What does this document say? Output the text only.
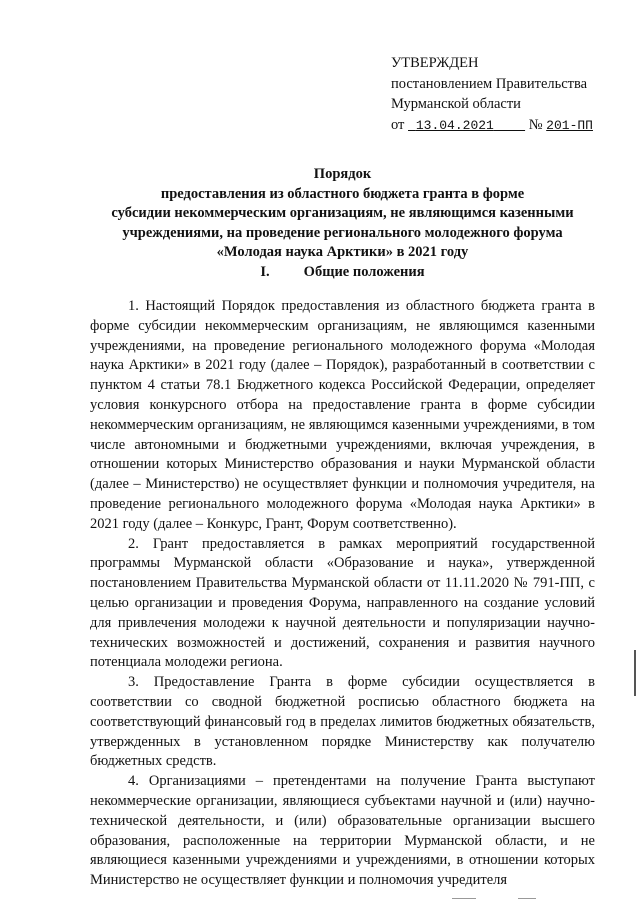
УТВЕРЖДЕН
постановлением Правительства
Мурманской области
от 13.04.2021 № 201-ПП
Порядок
предоставления из областного бюджета гранта в форме
субсидии некоммерческим организациям, не являющимся казенными
учреждениями, на проведение регионального молодежного форума
«Молодая наука Арктики» в 2021 году
I. Общие положения

1. Настоящий Порядок предоставления из областного бюджета гранта в форме субсидии некоммерческим организациям, не являющимся казенными учреждениями, на проведение регионального молодежного форума «Молодая наука Арктики» в 2021 году (далее – Порядок), разработанный в соответствии с пунктом 4 статьи 78.1 Бюджетного кодекса Российской Федерации, определяет условия конкурсного отбора на предоставление гранта в форме субсидии некоммерческим организациям, не являющимся казенными учреждениями, в том числе автономными и бюджетными учреждениями, включая учреждения, в отношении которых Министерство образования и науки Мурманской области (далее – Министерство) не осуществляет функции и полномочия учредителя, на проведение регионального молодежного форума «Молодая наука Арктики» в 2021 году (далее – Конкурс, Грант, Форум соответственно).

2. Грант предоставляется в рамках мероприятий государственной программы Мурманской области «Образование и наука», утвержденной постановлением Правительства Мурманской области от 11.11.2020 № 791-ПП, с целью организации и проведения Форума, направленного на создание условий для привлечения молодежи к научной деятельности и популяризации научно-технических возможностей и достижений, сохранения и развития научного потенциала молодежи региона.

3. Предоставление Гранта в форме субсидии осуществляется в соответствии со сводной бюджетной росписью областного бюджета на соответствующий финансовый год в пределах лимитов бюджетных обязательств, утвержденных в установленном порядке Министерству как получателю бюджетных средств.

4. Организациями – претендентами на получение Гранта выступают некоммерческие организации, являющиеся субъектами научной и (или) научно-технической деятельности, и (или) образовательные организации высшего образования, расположенные на территории Мурманской области, и не являющиеся казенными учреждениями и учреждениями, в отношении которых Министерство не осуществляет функции и полномочия учредителя
